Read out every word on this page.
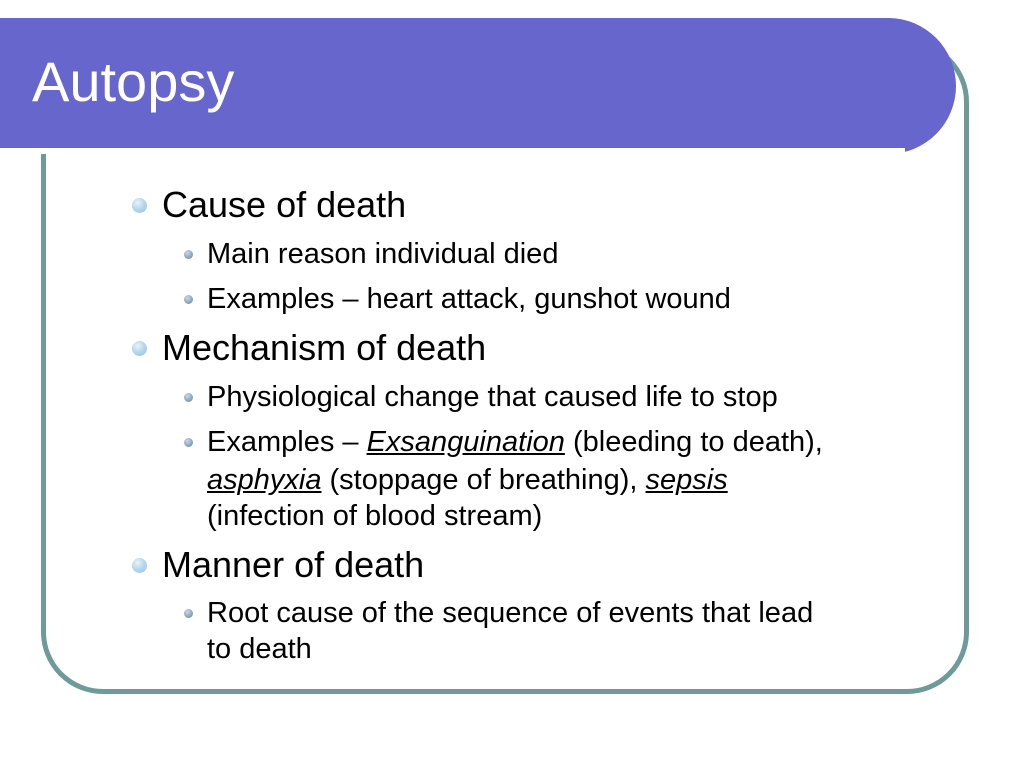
Autopsy
Cause of death
Main reason individual died
Examples – heart attack, gunshot wound
Mechanism of death
Physiological change that caused life to stop
Examples – Exsanguination (bleeding to death),
asphyxia (stoppage of breathing), sepsis
(infection of blood stream)
Manner of death
Root cause of the sequence of events that lead
to death
